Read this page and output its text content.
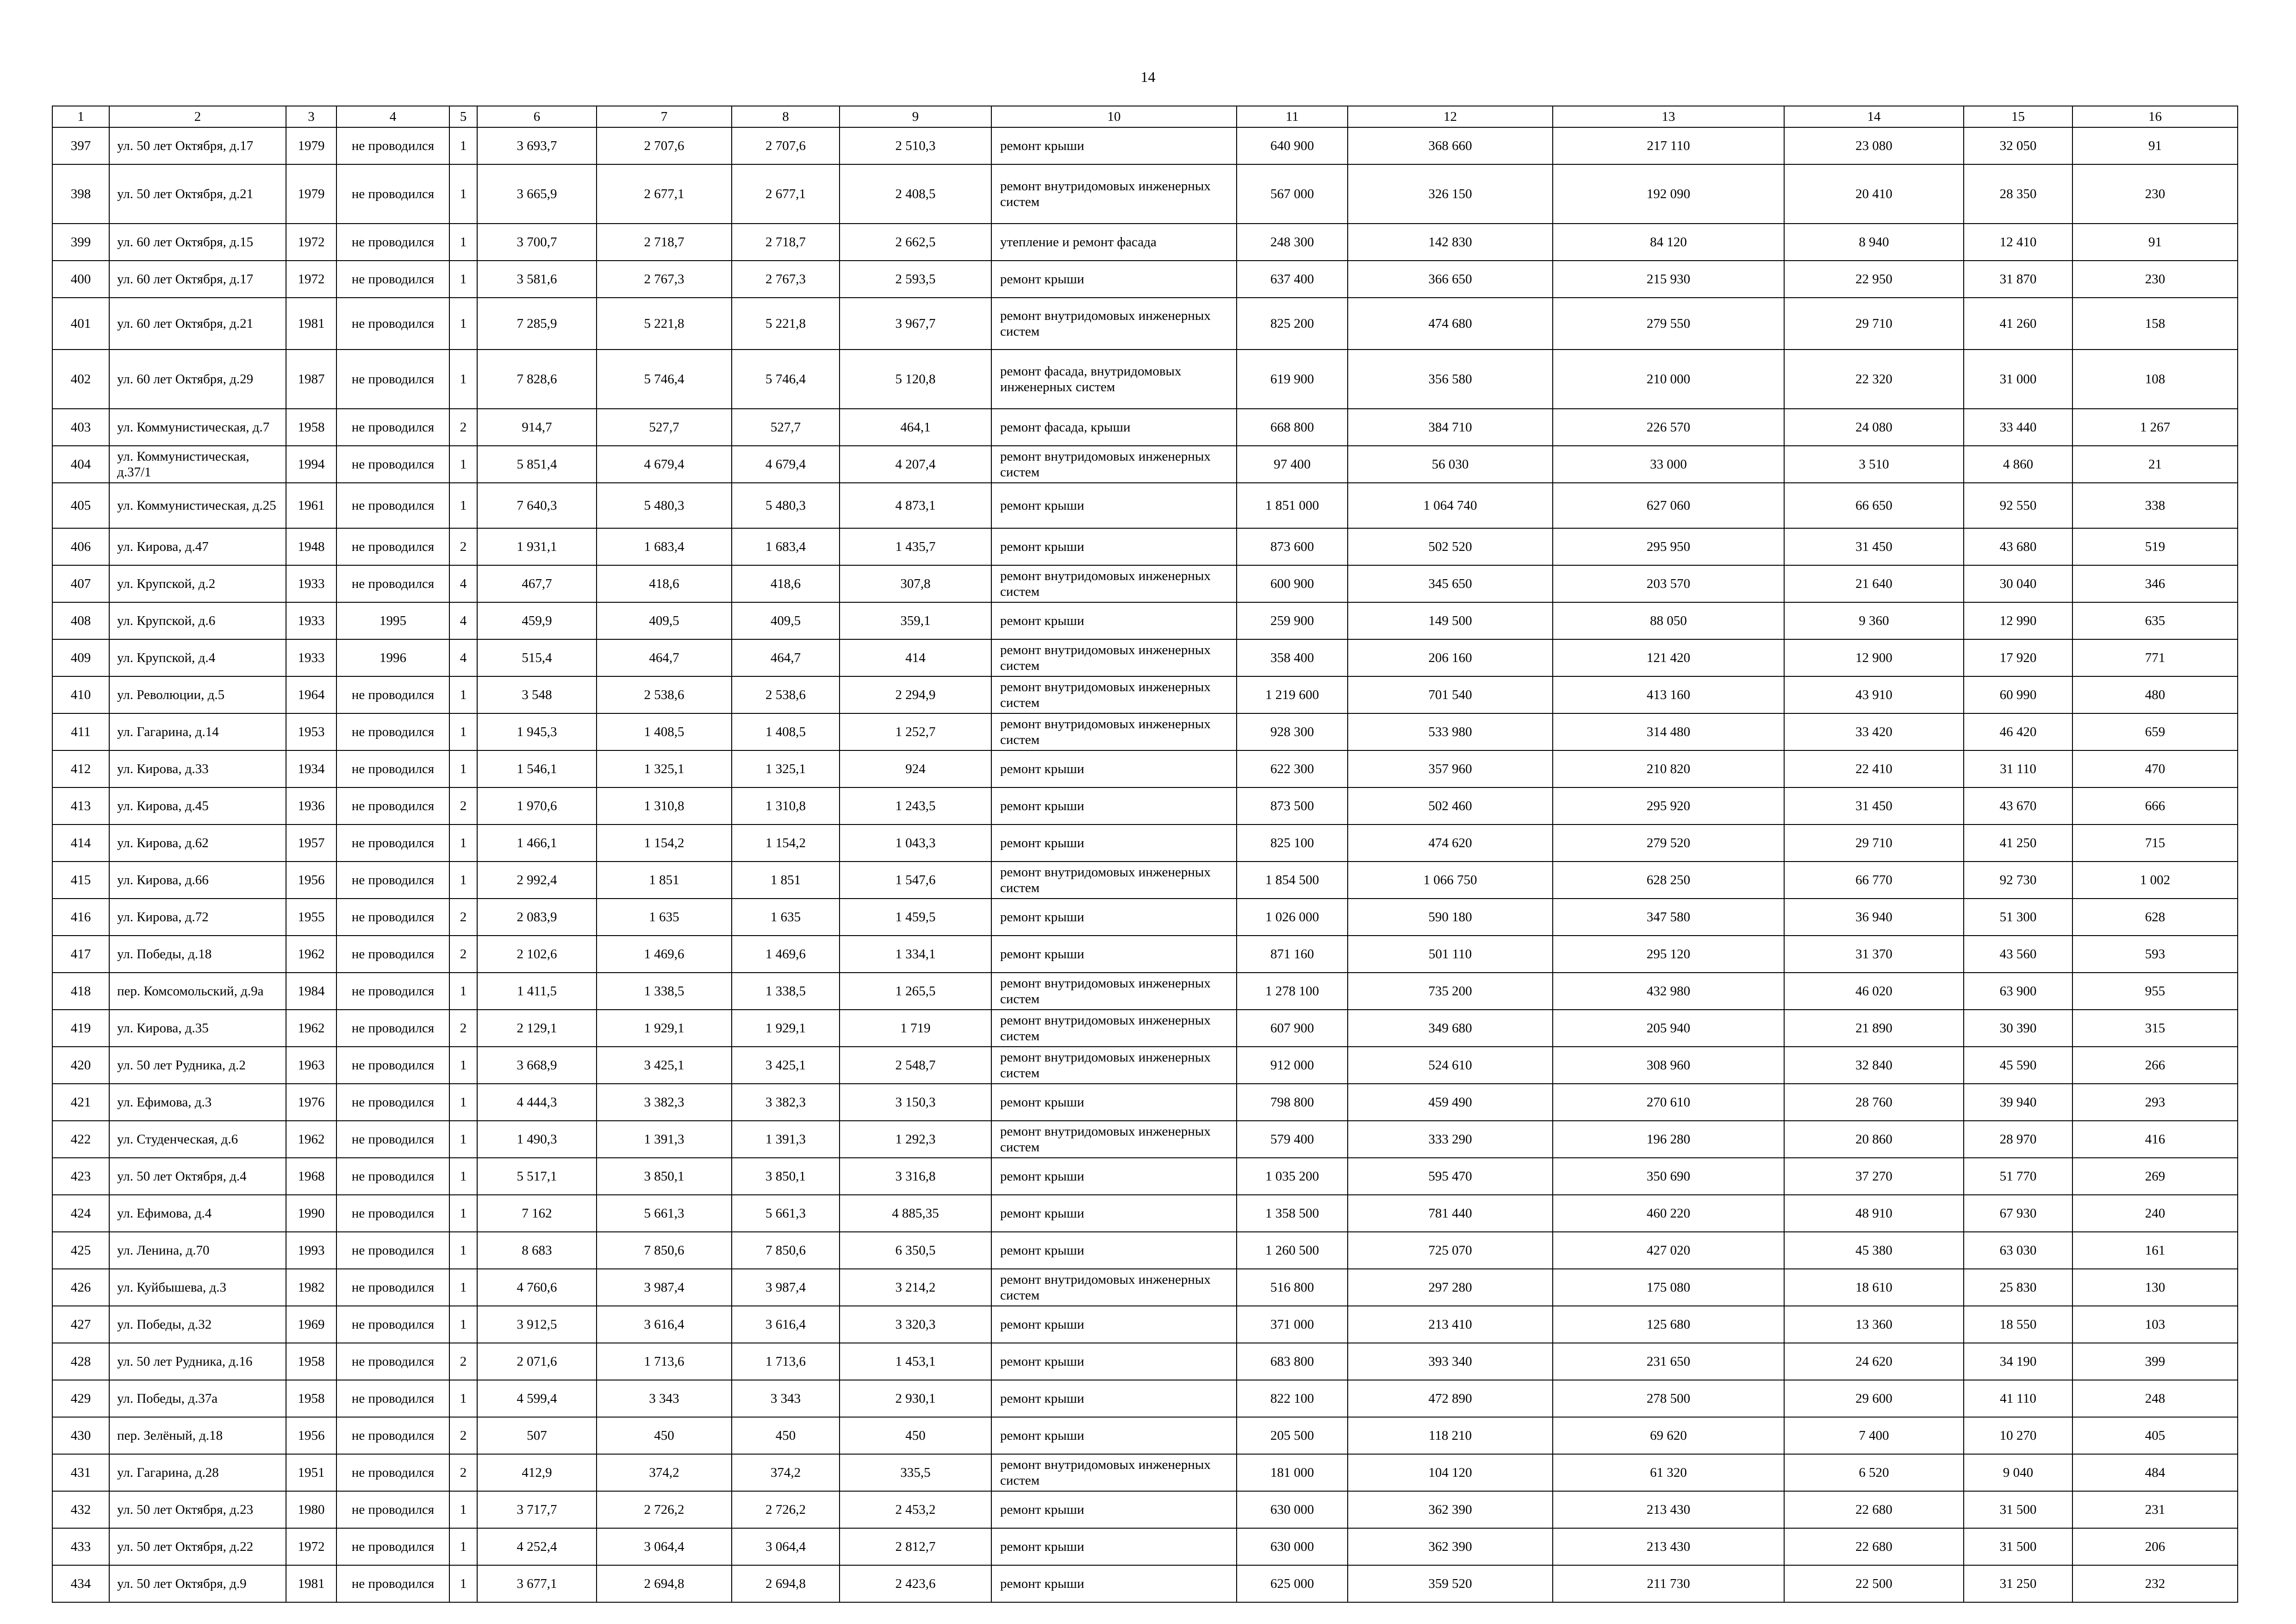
14
1	2	3	4	5	6	7	8	9	10	11	12	13	14	15	16
397	ул. 50 лет Октября, д.17	1979	не проводился	1	3 693,7	2 707,6	2 707,6	2 510,3	ремонт крыши	640 900	368 660	217 110	23 080	32 050	91
398	ул. 50 лет Октября, д.21	1979	не проводился	1	3 665,9	2 677,1	2 677,1	2 408,5	ремонт внутридомовых инженерных систем	567 000	326 150	192 090	20 410	28 350	230
399	ул. 60 лет Октября, д.15	1972	не проводился	1	3 700,7	2 718,7	2 718,7	2 662,5	утепление и ремонт фасада	248 300	142 830	84 120	8 940	12 410	91
400	ул. 60 лет Октября, д.17	1972	не проводился	1	3 581,6	2 767,3	2 767,3	2 593,5	ремонт крыши	637 400	366 650	215 930	22 950	31 870	230
401	ул. 60 лет Октября, д.21	1981	не проводился	1	7 285,9	5 221,8	5 221,8	3 967,7	ремонт внутридомовых инженерных систем	825 200	474 680	279 550	29 710	41 260	158
402	ул. 60 лет Октября, д.29	1987	не проводился	1	7 828,6	5 746,4	5 746,4	5 120,8	ремонт фасада, внутридомовых инженерных систем	619 900	356 580	210 000	22 320	31 000	108
403	ул. Коммунистическая, д.7	1958	не проводился	2	914,7	527,7	527,7	464,1	ремонт фасада, крыши	668 800	384 710	226 570	24 080	33 440	1 267
404	ул. Коммунистическая, д.37/1	1994	не проводился	1	5 851,4	4 679,4	4 679,4	4 207,4	ремонт внутридомовых инженерных систем	97 400	56 030	33 000	3 510	4 860	21
405	ул. Коммунистическая, д.25	1961	не проводился	1	7 640,3	5 480,3	5 480,3	4 873,1	ремонт крыши	1 851 000	1 064 740	627 060	66 650	92 550	338
406	ул. Кирова, д.47	1948	не проводился	2	1 931,1	1 683,4	1 683,4	1 435,7	ремонт крыши	873 600	502 520	295 950	31 450	43 680	519
407	ул. Крупской, д.2	1933	не проводился	4	467,7	418,6	418,6	307,8	ремонт внутридомовых инженерных систем	600 900	345 650	203 570	21 640	30 040	346
408	ул. Крупской, д.6	1933	1995	4	459,9	409,5	409,5	359,1	ремонт крыши	259 900	149 500	88 050	9 360	12 990	635
409	ул. Крупской, д.4	1933	1996	4	515,4	464,7	464,7	414	ремонт внутридомовых инженерных систем	358 400	206 160	121 420	12 900	17 920	771
410	ул. Революции, д.5	1964	не проводился	1	3 548	2 538,6	2 538,6	2 294,9	ремонт внутридомовых инженерных систем	1 219 600	701 540	413 160	43 910	60 990	480
411	ул. Гагарина, д.14	1953	не проводился	1	1 945,3	1 408,5	1 408,5	1 252,7	ремонт внутридомовых инженерных систем	928 300	533 980	314 480	33 420	46 420	659
412	ул. Кирова, д.33	1934	не проводился	1	1 546,1	1 325,1	1 325,1	924	ремонт крыши	622 300	357 960	210 820	22 410	31 110	470
413	ул. Кирова, д.45	1936	не проводился	2	1 970,6	1 310,8	1 310,8	1 243,5	ремонт крыши	873 500	502 460	295 920	31 450	43 670	666
414	ул. Кирова, д.62	1957	не проводился	1	1 466,1	1 154,2	1 154,2	1 043,3	ремонт крыши	825 100	474 620	279 520	29 710	41 250	715
415	ул. Кирова, д.66	1956	не проводился	1	2 992,4	1 851	1 851	1 547,6	ремонт внутридомовых инженерных систем	1 854 500	1 066 750	628 250	66 770	92 730	1 002
416	ул. Кирова, д.72	1955	не проводился	2	2 083,9	1 635	1 635	1 459,5	ремонт крыши	1 026 000	590 180	347 580	36 940	51 300	628
417	ул. Победы, д.18	1962	не проводился	2	2 102,6	1 469,6	1 469,6	1 334,1	ремонт крыши	871 160	501 110	295 120	31 370	43 560	593
418	пер. Комсомольский, д.9а	1984	не проводился	1	1 411,5	1 338,5	1 338,5	1 265,5	ремонт внутридомовых инженерных систем	1 278 100	735 200	432 980	46 020	63 900	955
419	ул. Кирова, д.35	1962	не проводился	2	2 129,1	1 929,1	1 929,1	1 719	ремонт внутридомовых инженерных систем	607 900	349 680	205 940	21 890	30 390	315
420	ул. 50 лет Рудника, д.2	1963	не проводился	1	3 668,9	3 425,1	3 425,1	2 548,7	ремонт внутридомовых инженерных систем	912 000	524 610	308 960	32 840	45 590	266
421	ул. Ефимова, д.3	1976	не проводился	1	4 444,3	3 382,3	3 382,3	3 150,3	ремонт крыши	798 800	459 490	270 610	28 760	39 940	293
422	ул. Студенческая, д.6	1962	не проводился	1	1 490,3	1 391,3	1 391,3	1 292,3	ремонт внутридомовых инженерных систем	579 400	333 290	196 280	20 860	28 970	416
423	ул. 50 лет Октября, д.4	1968	не проводился	1	5 517,1	3 850,1	3 850,1	3 316,8	ремонт крыши	1 035 200	595 470	350 690	37 270	51 770	269
424	ул. Ефимова, д.4	1990	не проводился	1	7 162	5 661,3	5 661,3	4 885,35	ремонт крыши	1 358 500	781 440	460 220	48 910	67 930	240
425	ул. Ленина, д.70	1993	не проводился	1	8 683	7 850,6	7 850,6	6 350,5	ремонт крыши	1 260 500	725 070	427 020	45 380	63 030	161
426	ул. Куйбышева, д.3	1982	не проводился	1	4 760,6	3 987,4	3 987,4	3 214,2	ремонт внутридомовых инженерных систем	516 800	297 280	175 080	18 610	25 830	130
427	ул. Победы, д.32	1969	не проводился	1	3 912,5	3 616,4	3 616,4	3 320,3	ремонт крыши	371 000	213 410	125 680	13 360	18 550	103
428	ул. 50 лет Рудника, д.16	1958	не проводился	2	2 071,6	1 713,6	1 713,6	1 453,1	ремонт крыши	683 800	393 340	231 650	24 620	34 190	399
429	ул. Победы, д.37а	1958	не проводился	1	4 599,4	3 343	3 343	2 930,1	ремонт крыши	822 100	472 890	278 500	29 600	41 110	248
430	пер. Зелёный, д.18	1956	не проводился	2	507	450	450	450	ремонт крыши	205 500	118 210	69 620	7 400	10 270	405
431	ул. Гагарина, д.28	1951	не проводился	2	412,9	374,2	374,2	335,5	ремонт внутридомовых инженерных систем	181 000	104 120	61 320	6 520	9 040	484
432	ул. 50 лет Октября, д.23	1980	не проводился	1	3 717,7	2 726,2	2 726,2	2 453,2	ремонт крыши	630 000	362 390	213 430	22 680	31 500	231
433	ул. 50 лет Октября, д.22	1972	не проводился	1	4 252,4	3 064,4	3 064,4	2 812,7	ремонт крыши	630 000	362 390	213 430	22 680	31 500	206
434	ул. 50 лет Октября, д.9	1981	не проводился	1	3 677,1	2 694,8	2 694,8	2 423,6	ремонт крыши	625 000	359 520	211 730	22 500	31 250	232
